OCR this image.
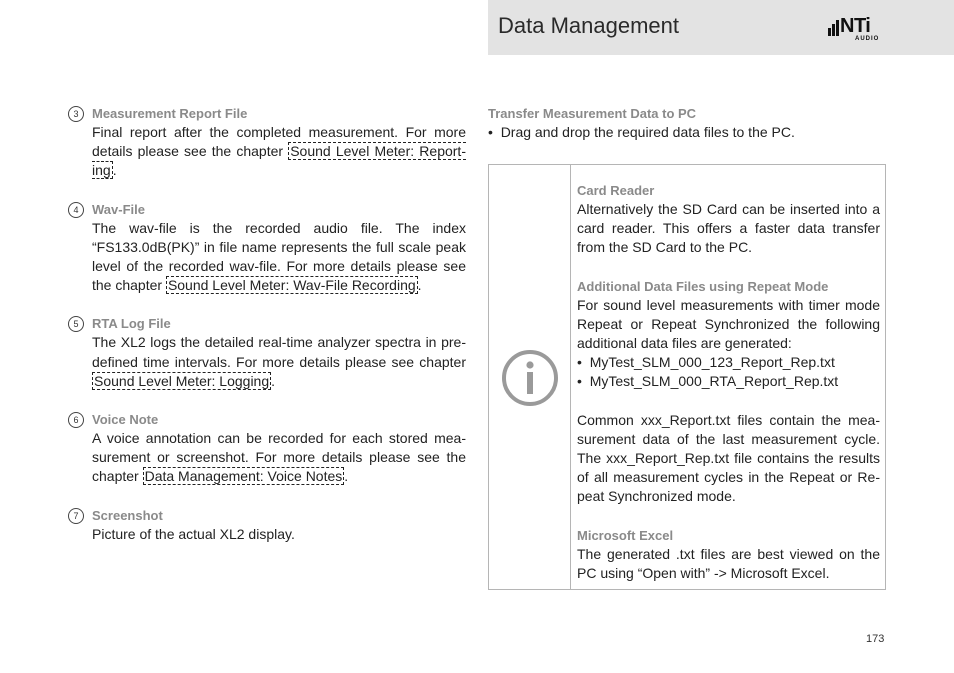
Data Management	NTi
AUDIO
3	Measurement Report File
Final report after the completed measurement. For more details please see the chapter Sound Level Meter: Reporting .
4	Wav-File
The wav-file is the recorded audio file. The index “FS133.0dB(PK)” in file name represents the full scale peak level of the recorded wav-file. For more details please see the chapter Sound Level Meter: Wav-File Recording .
5	RTA Log File
The XL2 logs the detailed real-time analyzer spectra in predefined time intervals. For more details please see chapter Sound Level Meter: Logging .
6	Voice Note
A voice annotation can be recorded for each stored measurement or screenshot. For more details please see the chapter Data Management: Voice Notes .
7	Screenshot
Picture of the actual XL2 display.
Transfer Measurement Data to PC
•  Drag and drop the required data files to the PC.
Card Reader
Alternatively the SD Card can be inserted into a card reader. This offers a faster data transfer from the SD Card to the PC.
Additional Data Files using Repeat Mode
For sound level measurements with timer mode Repeat or Repeat Synchronized the following additional data files are generated:
•  MyTest_SLM_000_123_Report_Rep.txt
•  MyTest_SLM_000_RTA_Report_Rep.txt
Common xxx_Report.txt files contain the measurement data of the last measurement cycle. The xxx_Report_Rep.txt file contains the results of all measurement cycles in the Repeat or Repeat Synchronized mode.
Microsoft Excel
The generated .txt files are best viewed on the PC using “Open with” -> Microsoft Excel.
173
